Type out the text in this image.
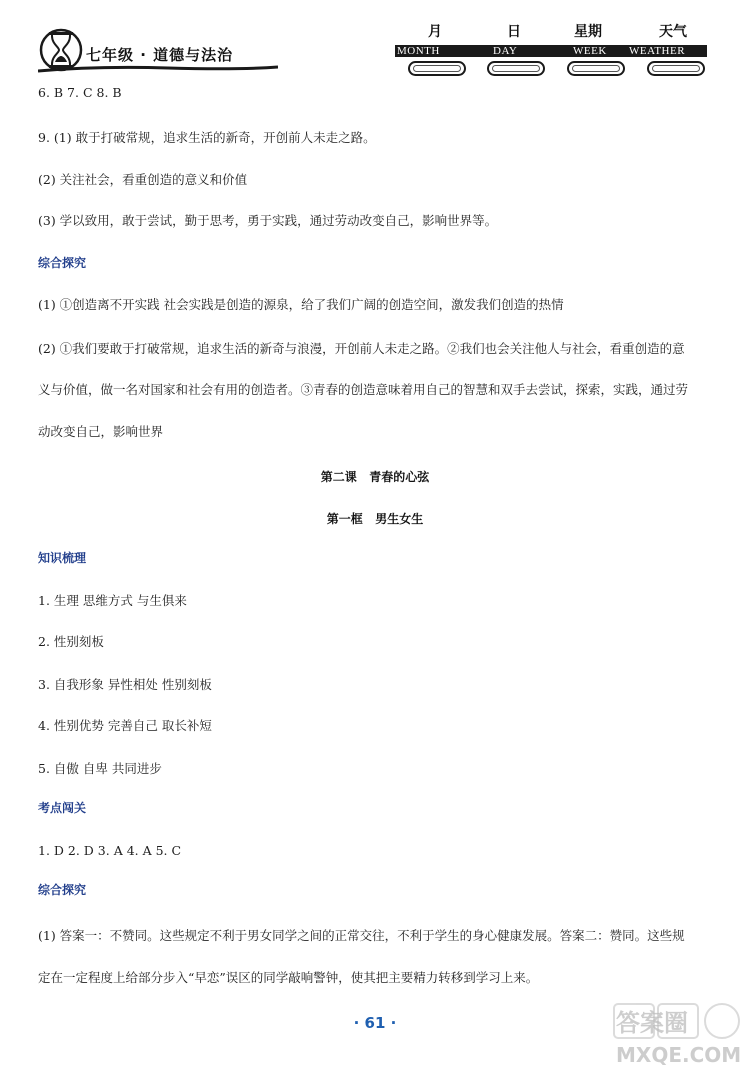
七年级 · 道德与法治
月	日	星期	天气
MONTH	DAY	WEEK WEATHER
6. B 7. C 8. B
9. (1) 敢于打破常规，追求生活的新奇，开创前人未走之路。
(2) 关注社会，看重创造的意义和价值
(3) 学以致用，敢于尝试，勤于思考，勇于实践，通过劳动改变自己，影响世界等。
综合探究
(1) ①创造离不开实践 社会实践是创造的源泉，给了我们广阔的创造空间，激发我们创造的热情
(2) ①我们要敢于打破常规，追求生活的新奇与浪漫，开创前人未走之路。②我们也会关注他人与社会，看重创造的意
义与价值，做一名对国家和社会有用的创造者。③青春的创造意味着用自己的智慧和双手去尝试，探索，实践，通过劳
动改变自己，影响世界
第二课   青春的心弦
第一框   男生女生
知识梳理
1. 生理 思维方式 与生俱来
2. 性别刻板
3. 自我形象 异性相处 性别刻板
4. 性别优势 完善自己 取长补短
5. 自傲 自卑 共同进步
考点闯关
1. D 2. D 3. A 4. A 5. C
综合探究
(1) 答案一：不赞同。这些规定不利于男女同学之间的正常交往，不利于学生的身心健康发展。答案二：赞同。这些规
定在一定程度上给部分步入“早恋”误区的同学敲响警钟，使其把主要精力转移到学习上来。
· 61 ·	答案圈
MXQE.COM
